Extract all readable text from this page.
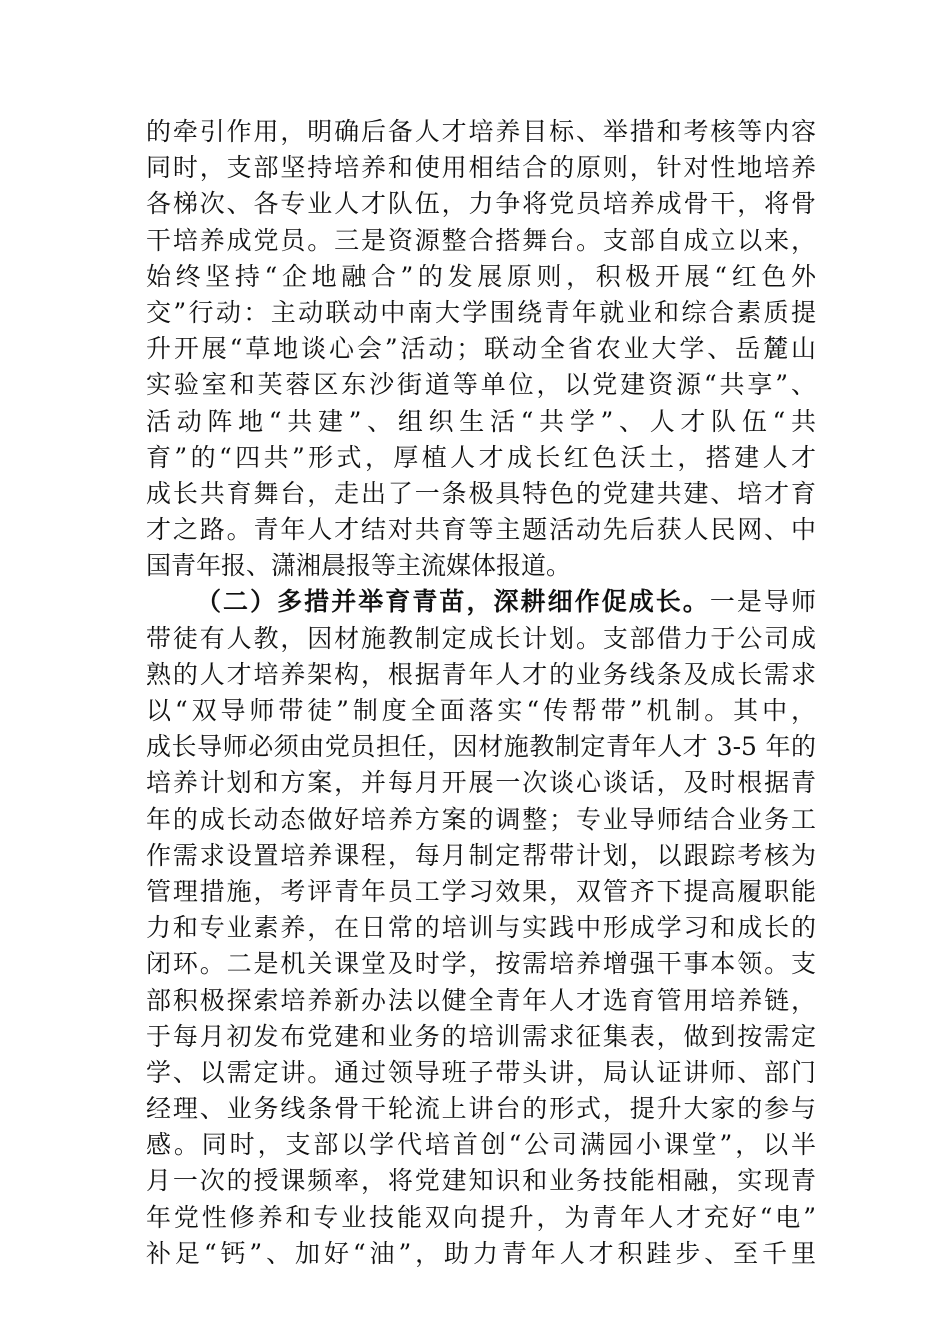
的牵引作用，明确后备人才培养目标、举措和考核等内容
同时，支部坚持培养和使用相结合的原则，针对性地培养
各梯次、各专业人才队伍，力争将党员培养成骨干，将骨
干培养成党员。三是资源整合搭舞台。支部自成立以来，
始终坚持“企地融合”的发展原则，积极开展“红色外
交”行动：主动联动中南大学围绕青年就业和综合素质提
升开展“草地谈心会”活动；联动全省农业大学、岳麓山
实验室和芙蓉区东沙街道等单位，以党建资源“共享”、
活动阵地“共建”、组织生活“共学”、人才队伍“共
育”的“四共”形式，厚植人才成长红色沃土，搭建人才
成长共育舞台，走出了一条极具特色的党建共建、培才育
才之路。青年人才结对共育等主题活动先后获人民网、中
国青年报、潇湘晨报等主流媒体报道。
（二）多措并举育青苗，深耕细作促成长。一是导师
带徒有人教，因材施教制定成长计划。支部借力于公司成
熟的人才培养架构，根据青年人才的业务线条及成长需求
以“双导师带徒”制度全面落实“传帮带”机制。其中，
成长导师必须由党员担任，因材施教制定青年人才 3-5 年的
培养计划和方案，并每月开展一次谈心谈话，及时根据青
年的成长动态做好培养方案的调整；专业导师结合业务工
作需求设置培养课程，每月制定帮带计划，以跟踪考核为
管理措施，考评青年员工学习效果，双管齐下提高履职能
力和专业素养，在日常的培训与实践中形成学习和成长的
闭环。二是机关课堂及时学，按需培养增强干事本领。支
部积极探索培养新办法以健全青年人才选育管用培养链，
于每月初发布党建和业务的培训需求征集表，做到按需定
学、以需定讲。通过领导班子带头讲，局认证讲师、部门
经理、业务线条骨干轮流上讲台的形式，提升大家的参与
感。同时，支部以学代培首创“公司满园小课堂”，以半
月一次的授课频率，将党建知识和业务技能相融，实现青
年党性修养和专业技能双向提升，为青年人才充好“电”
补足“钙”、加好“油”，助力青年人才积跬步、至千里
